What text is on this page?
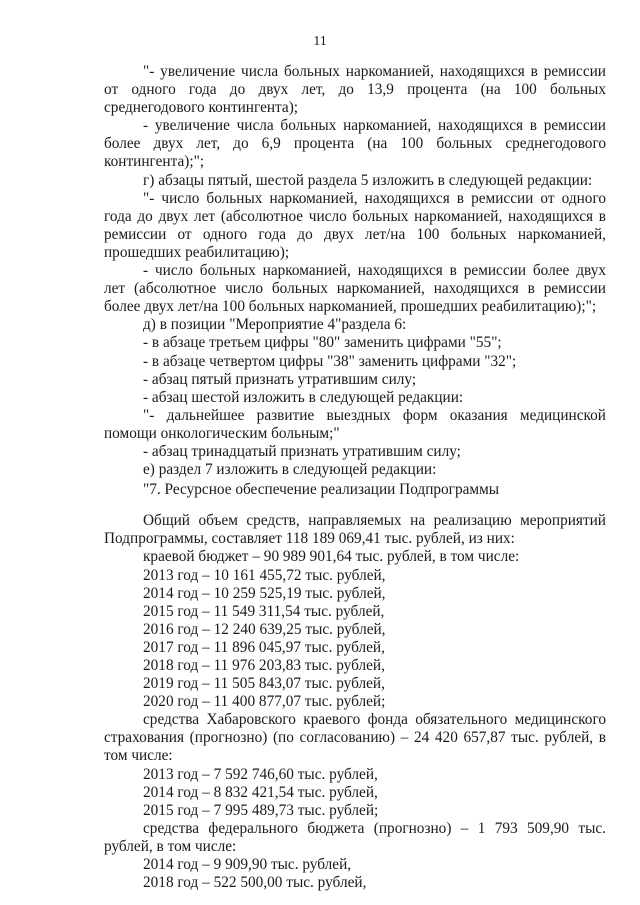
11

"- увеличение числа больных наркоманией, находящихся в ремиссии от одного года до двух лет, до 13,9 процента (на 100 больных среднегодового контингента);

- увеличение числа больных наркоманией, находящихся в ремиссии более двух лет, до 6,9 процента (на 100 больных среднегодового контингента);";

г) абзацы пятый, шестой раздела 5 изложить в следующей редакции:

"- число больных наркоманией, находящихся в ремиссии от одного года до двух лет (абсолютное число больных наркоманией, находящихся в ремиссии от одного года до двух лет/на 100 больных наркоманией, прошедших реабилитацию);

- число больных наркоманией, находящихся в ремиссии более двух лет (абсолютное число больных наркоманией, находящихся в ремиссии более двух лет/на 100 больных наркоманией, прошедших реабилитацию);";

д) в позиции "Мероприятие 4"раздела 6:

- в абзаце третьем цифры "80" заменить цифрами "55";

- в абзаце четвертом цифры "38" заменить цифрами "32";

- абзац пятый признать утратившим силу;

- абзац шестой изложить в следующей редакции:

"- дальнейшее развитие выездных форм оказания медицинской помощи онкологическим больным;"

- абзац тринадцатый признать утратившим силу;

е) раздел 7 изложить в следующей редакции:

"7. Ресурсное обеспечение реализации Подпрограммы

Общий объем средств, направляемых на реализацию мероприятий Подпрограммы, составляет 118 189 069,41 тыс. рублей, из них:

краевой бюджет – 90 989 901,64 тыс. рублей, в том числе:

2013 год – 10 161 455,72 тыс. рублей,

2014 год – 10 259 525,19 тыс. рублей,

2015 год – 11 549 311,54 тыс. рублей,

2016 год – 12 240 639,25 тыс. рублей,

2017 год – 11 896 045,97 тыс. рублей,

2018 год – 11 976 203,83 тыс. рублей,

2019 год – 11 505 843,07 тыс. рублей,

2020 год – 11 400 877,07 тыс. рублей;

средства Хабаровского краевого фонда обязательного медицинского страхования (прогнозно) (по согласованию) – 24 420 657,87 тыс. рублей, в том числе:

2013 год – 7 592 746,60 тыс. рублей,

2014 год – 8 832 421,54 тыс. рублей,

2015 год – 7 995 489,73 тыс. рублей;

средства федерального бюджета (прогнозно) – 1 793 509,90 тыс. рублей, в том числе:

2014 год – 9 909,90 тыс. рублей,

2018 год – 522 500,00 тыс. рублей,
